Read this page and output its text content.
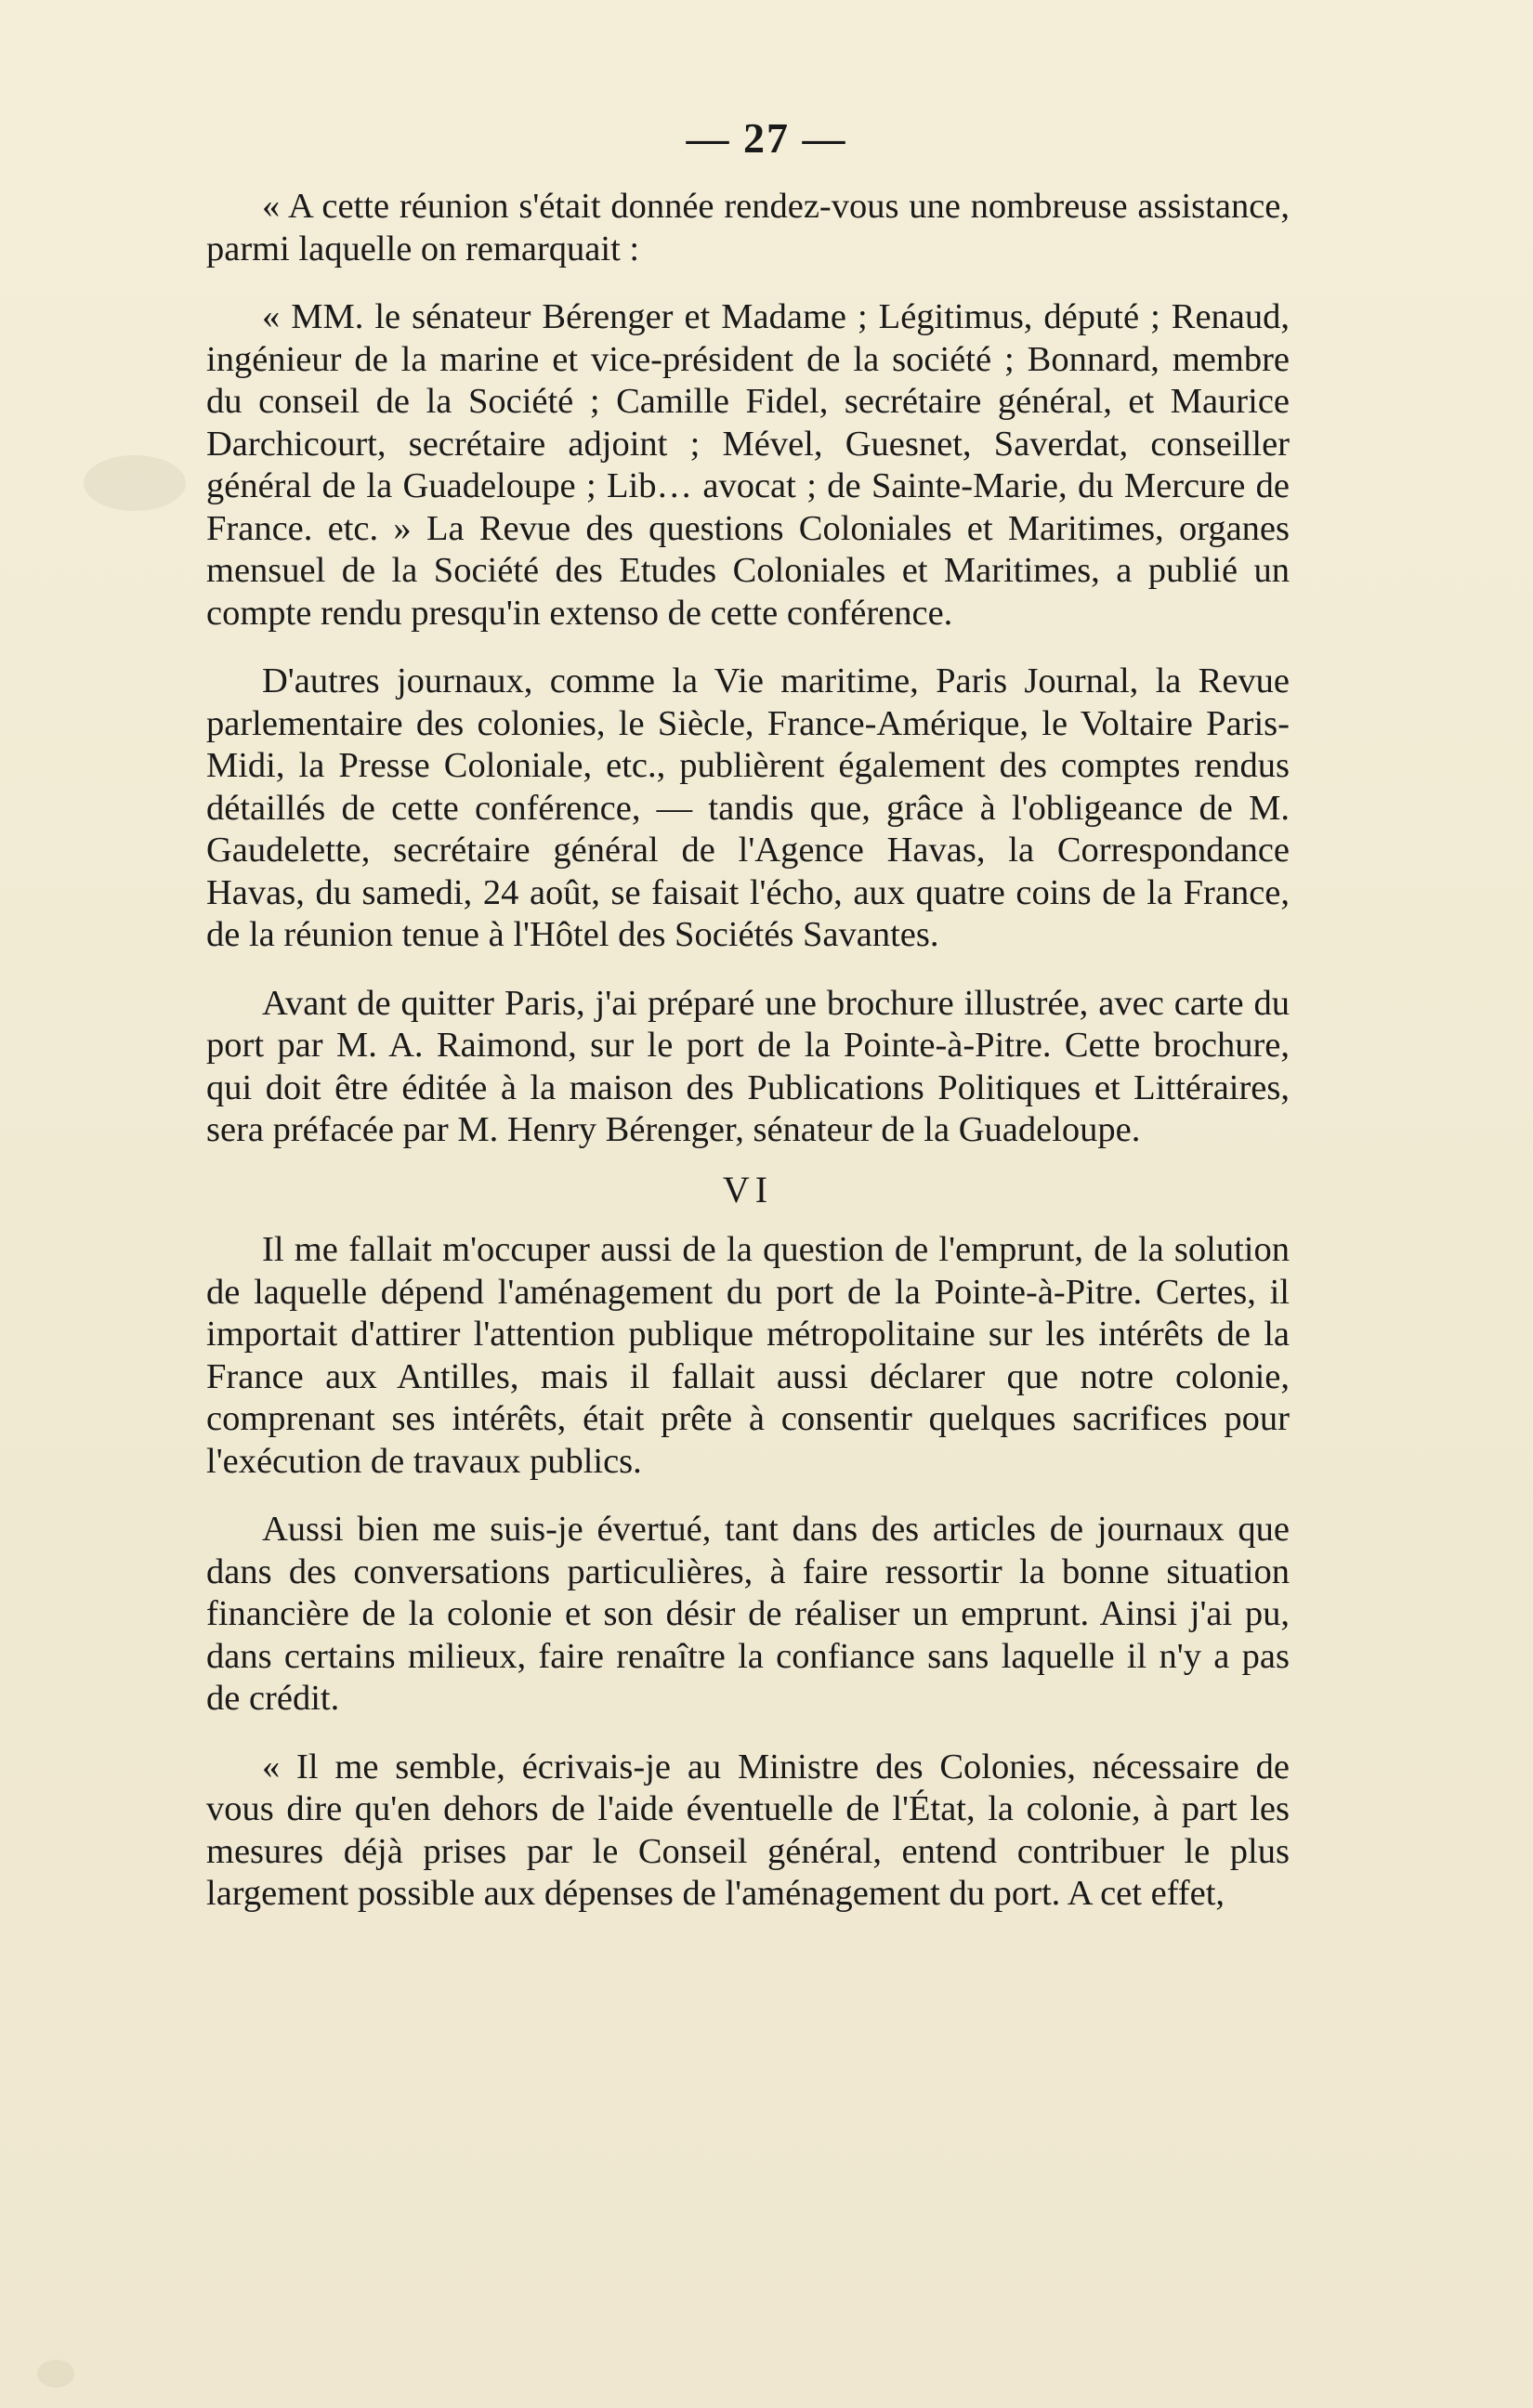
— 27 —

« A cette réunion s'était donnée rendez-vous une nombreuse assistance, parmi laquelle on remarquait :

« MM. le sénateur Bérenger et Madame ; Légitimus, député ; Renaud, ingénieur de la marine et vice-président de la société ; Bonnard, membre du conseil de la Société ; Camille Fidel, secrétaire général, et Maurice Darchicourt, secrétaire adjoint ; Mével, Guesnet, Saverdat, conseiller général de la Guadeloupe ; Lib… avocat ; de Sainte-Marie, du Mercure de France. etc. » La Revue des questions Coloniales et Maritimes, organes mensuel de la Société des Etudes Coloniales et Maritimes, a publié un compte rendu presqu'in extenso de cette conférence.

D'autres journaux, comme la Vie maritime, Paris Journal, la Revue parlementaire des colonies, le Siècle, France-Amérique, le Voltaire Paris-Midi, la Presse Coloniale, etc., publièrent également des comptes rendus détaillés de cette conférence, — tandis que, grâce à l'obligeance de M. Gaudelette, secrétaire général de l'Agence Havas, la Correspondance Havas, du samedi, 24 août, se faisait l'écho, aux quatre coins de la France, de la réunion tenue à l'Hôtel des Sociétés Savantes.

Avant de quitter Paris, j'ai préparé une brochure illustrée, avec carte du port par M. A. Raimond, sur le port de la Pointe-à-Pitre. Cette brochure, qui doit être éditée à la maison des Publications Politiques et Littéraires, sera préfacée par M. Henry Bérenger, sénateur de la Guadeloupe.

VI

Il me fallait m'occuper aussi de la question de l'emprunt, de la solution de laquelle dépend l'aménagement du port de la Pointe-à-Pitre. Certes, il importait d'attirer l'attention publique métropolitaine sur les intérêts de la France aux Antilles, mais il fallait aussi déclarer que notre colonie, comprenant ses intérêts, était prête à consentir quelques sacrifices pour l'exécution de travaux publics.

Aussi bien me suis-je évertué, tant dans des articles de journaux que dans des conversations particulières, à faire ressortir la bonne situation financière de la colonie et son désir de réaliser un emprunt. Ainsi j'ai pu, dans certains milieux, faire renaître la confiance sans laquelle il n'y a pas de crédit.

« Il me semble, écrivais-je au Ministre des Colonies, nécessaire de vous dire qu'en dehors de l'aide éventuelle de l'État, la colonie, à part les mesures déjà prises par le Conseil général, entend contribuer le plus largement possible aux dépenses de l'aménagement du port. A cet effet,
